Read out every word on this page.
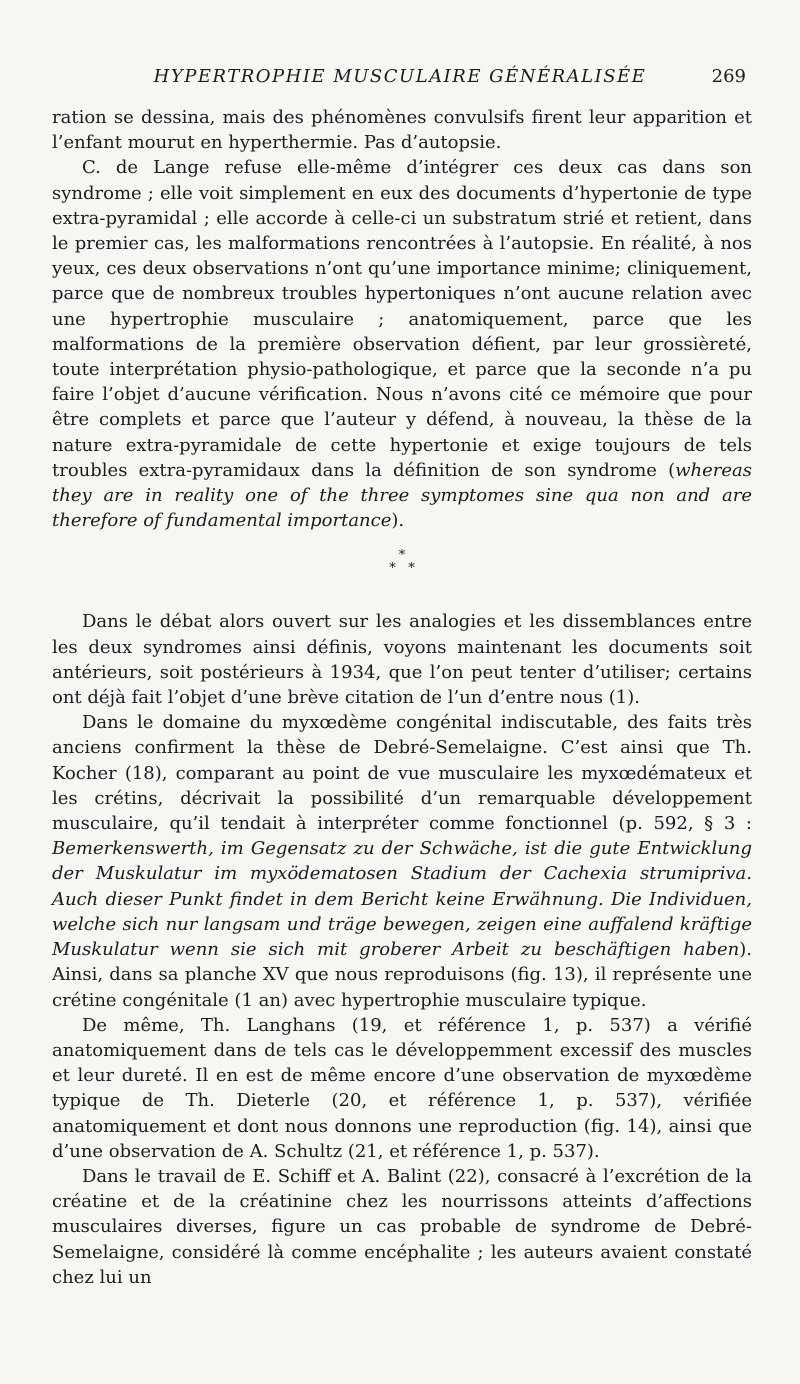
HYPERTROPHIE MUSCULAIRE GÉNÉRALISÉE	269

ration se dessina, mais des phénomènes convulsifs firent leur apparition et l’enfant mourut en hyperthermie. Pas d’autopsie.

C. de Lange refuse elle-même d’intégrer ces deux cas dans son syndrome ; elle voit simplement en eux des documents d’hypertonie de type extra-pyramidal ; elle accorde à celle-ci un substratum strié et retient, dans le premier cas, les malformations rencontrées à l’autopsie. En réalité, à nos yeux, ces deux observations n’ont qu’une importance minime; cliniquement, parce que de nombreux troubles hypertoniques n’ont aucune relation avec une hypertrophie musculaire ; anatomiquement, parce que les malformations de la première observation défient, par leur grossièreté, toute interprétation physio-pathologique, et parce que la seconde n’a pu faire l’objet d’aucune vérification. Nous n’avons cité ce mémoire que pour être complets et parce que l’auteur y défend, à nouveau, la thèse de la nature extra-pyramidale de cette hypertonie et exige toujours de tels troubles extra-pyramidaux dans la définition de son syndrome (whereas they are in reality one of the three symptomes sine qua non and are therefore of fundamental importance).

*
*   *

Dans le débat alors ouvert sur les analogies et les dissemblances entre les deux syndromes ainsi définis, voyons maintenant les documents soit antérieurs, soit postérieurs à 1934, que l’on peut tenter d’utiliser; certains ont déjà fait l’objet d’une brève citation de l’un d’entre nous (1).

Dans le domaine du myxœdème congénital indiscutable, des faits très anciens confirment la thèse de Debré-Semelaigne. C’est ainsi que Th. Kocher (18), comparant au point de vue musculaire les myxœdémateux et les crétins, décrivait la possibilité d’un remarquable développement musculaire, qu’il tendait à interpréter comme fonctionnel (p. 592, § 3 : Bemerkenswerth, im Gegensatz zu der Schwäche, ist die gute Entwicklung der Muskulatur im myxödematosen Stadium der Cachexia strumipriva. Auch dieser Punkt findet in dem Bericht keine Erwähnung. Die Individuen, welche sich nur langsam und träge bewegen, zeigen eine auffalend kräftige Muskulatur wenn sie sich mit groberer Arbeit zu beschäftigen haben). Ainsi, dans sa planche XV que nous reproduisons (fig. 13), il représente une crétine congénitale (1 an) avec hypertrophie musculaire typique.

De même, Th. Langhans (19, et référence 1, p. 537) a vérifié anatomiquement dans de tels cas le développemment excessif des muscles et leur dureté. Il en est de même encore d’une observation de myxœdème typique de Th. Dieterle (20, et référence 1, p. 537), vérifiée anatomiquement et dont nous donnons une reproduction (fig. 14), ainsi que d’une observation de A. Schultz (21, et référence 1, p. 537).

Dans le travail de E. Schiff et A. Balint (22), consacré à l’excrétion de la créatine et de la créatinine chez les nourrissons atteints d’affections musculaires diverses, figure un cas probable de syndrome de Debré-Semelaigne, considéré là comme encéphalite ; les auteurs avaient constaté chez lui un
